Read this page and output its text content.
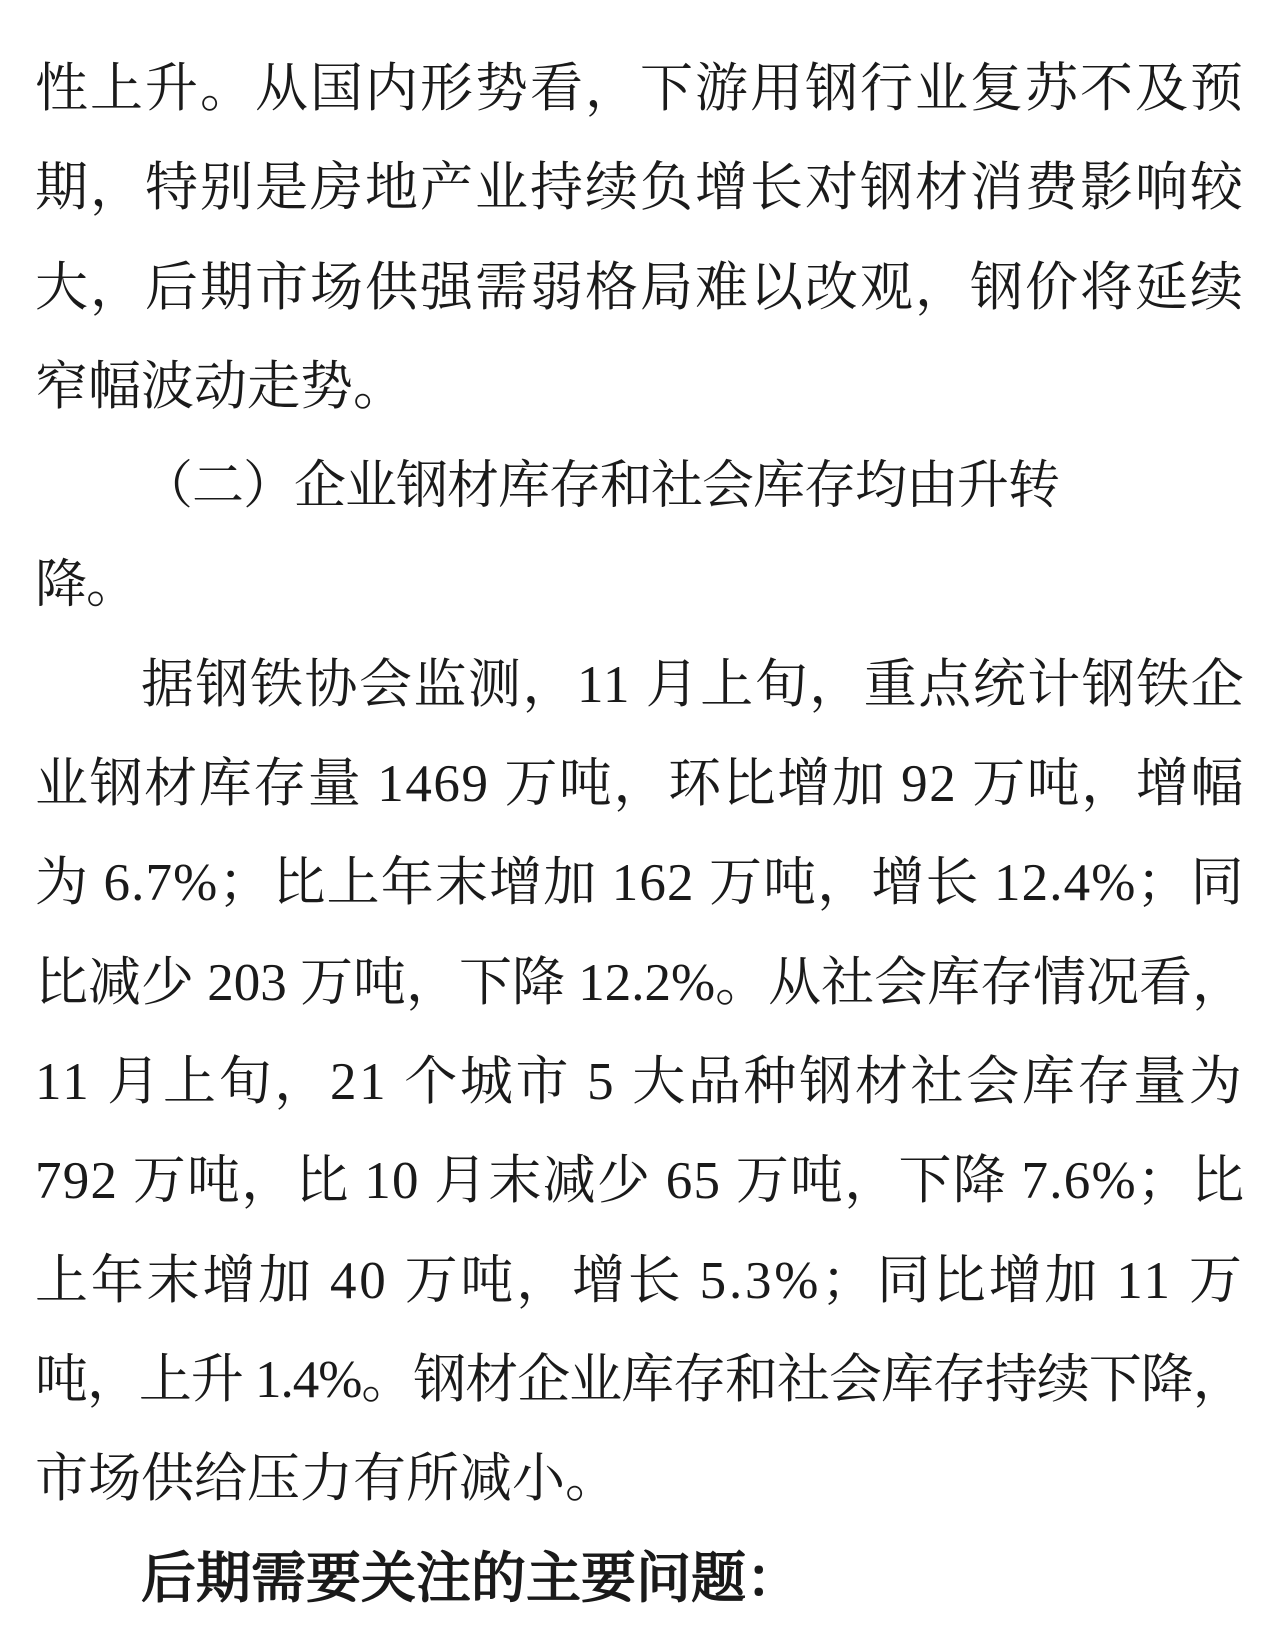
性上升。从国内形势看，下游用钢行业复苏不及预
期，特别是房地产业持续负增长对钢材消费影响较
大，后期市场供强需弱格局难以改观，钢价将延续
窄幅波动走势。
（二）企业钢材库存和社会库存均由升转
降。
据钢铁协会监测，11 月上旬，重点统计钢铁企
业钢材库存量 1469 万吨，环比增加 92 万吨，增幅
为 6.7%；比上年末增加 162 万吨，增长 12.4%；同
比减少 203 万吨，下降 12.2%。从社会库存情况看，
11 月上旬，21 个城市 5 大品种钢材社会库存量为
792 万吨，比 10 月末减少 65 万吨，下降 7.6%；比
上年末增加 40 万吨，增长 5.3%；同比增加 11 万
吨，上升 1.4%。钢材企业库存和社会库存持续下降，
市场供给压力有所减小。
后期需要关注的主要问题：
